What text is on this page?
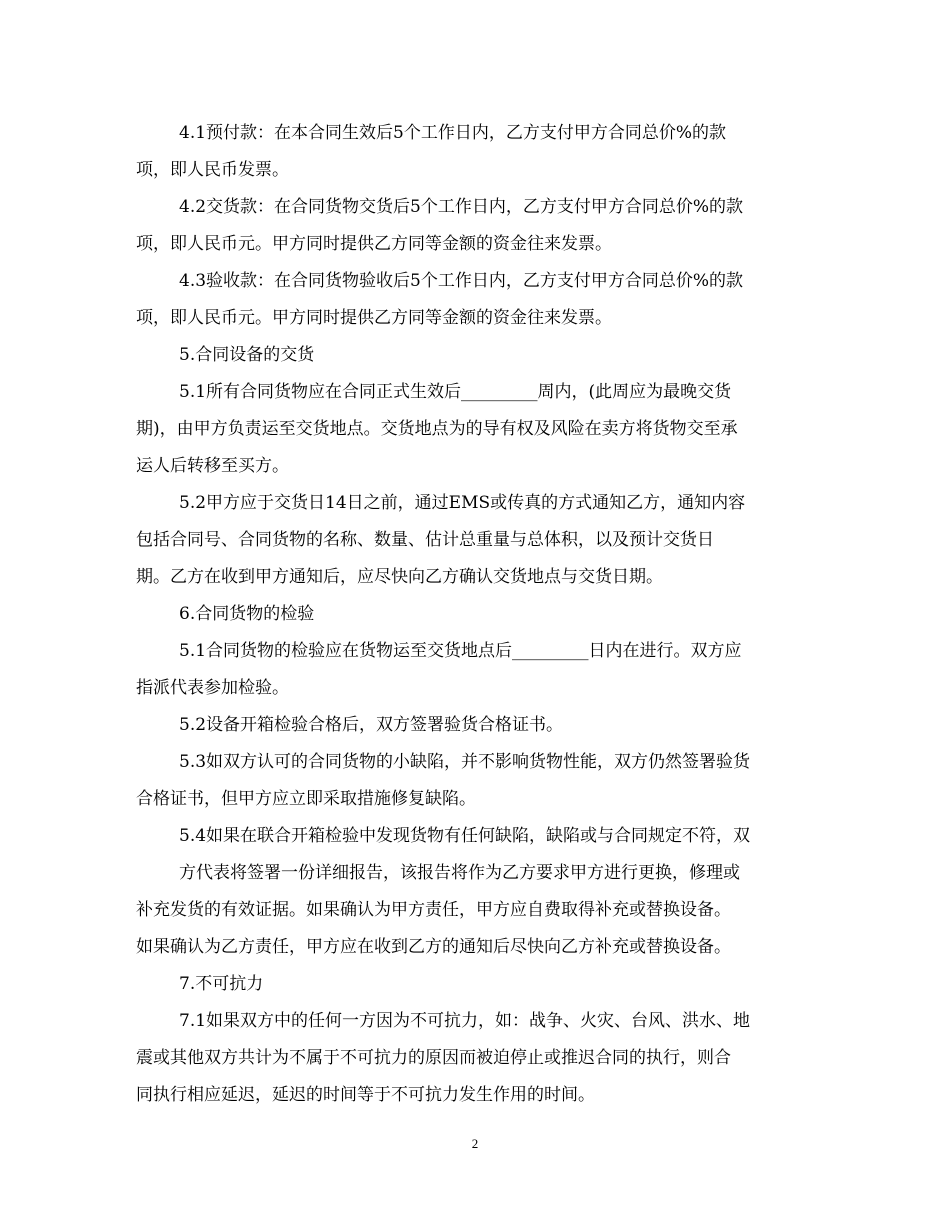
4.1预付款：在本合同生效后5个工作日内，乙方支付甲方合同总价%的款
项，即人民币发票。
4.2交货款：在合同货物交货后5个工作日内，乙方支付甲方合同总价%的款
项，即人民币元。甲方同时提供乙方同等金额的资金往来发票。
4.3验收款：在合同货物验收后5个工作日内，乙方支付甲方合同总价%的款
项，即人民币元。甲方同时提供乙方同等金额的资金往来发票。
5.合同设备的交货
5.1所有合同货物应在合同正式生效后_________周内，(此周应为最晚交货
期)，由甲方负责运至交货地点。交货地点为的导有权及风险在卖方将货物交至承
运人后转移至买方。
5.2甲方应于交货日14日之前，通过EMS或传真的方式通知乙方，通知内容
包括合同号、合同货物的名称、数量、估计总重量与总体积，以及预计交货日
期。乙方在收到甲方通知后，应尽快向乙方确认交货地点与交货日期。
6.合同货物的检验
5.1合同货物的检验应在货物运至交货地点后_________日内在进行。双方应
指派代表参加检验。
5.2设备开箱检验合格后，双方签署验货合格证书。
5.3如双方认可的合同货物的小缺陷，并不影响货物性能，双方仍然签署验货
合格证书，但甲方应立即采取措施修复缺陷。
5.4如果在联合开箱检验中发现货物有任何缺陷，缺陷或与合同规定不符，双
方代表将签署一份详细报告，该报告将作为乙方要求甲方进行更换，修理或
补充发货的有效证据。如果确认为甲方责任，甲方应自费取得补充或替换设备。
如果确认为乙方责任，甲方应在收到乙方的通知后尽快向乙方补充或替换设备。
7.不可抗力
7.1如果双方中的任何一方因为不可抗力，如：战争、火灾、台风、洪水、地
震或其他双方共计为不属于不可抗力的原因而被迫停止或推迟合同的执行，则合
同执行相应延迟，延迟的时间等于不可抗力发生作用的时间。
2
